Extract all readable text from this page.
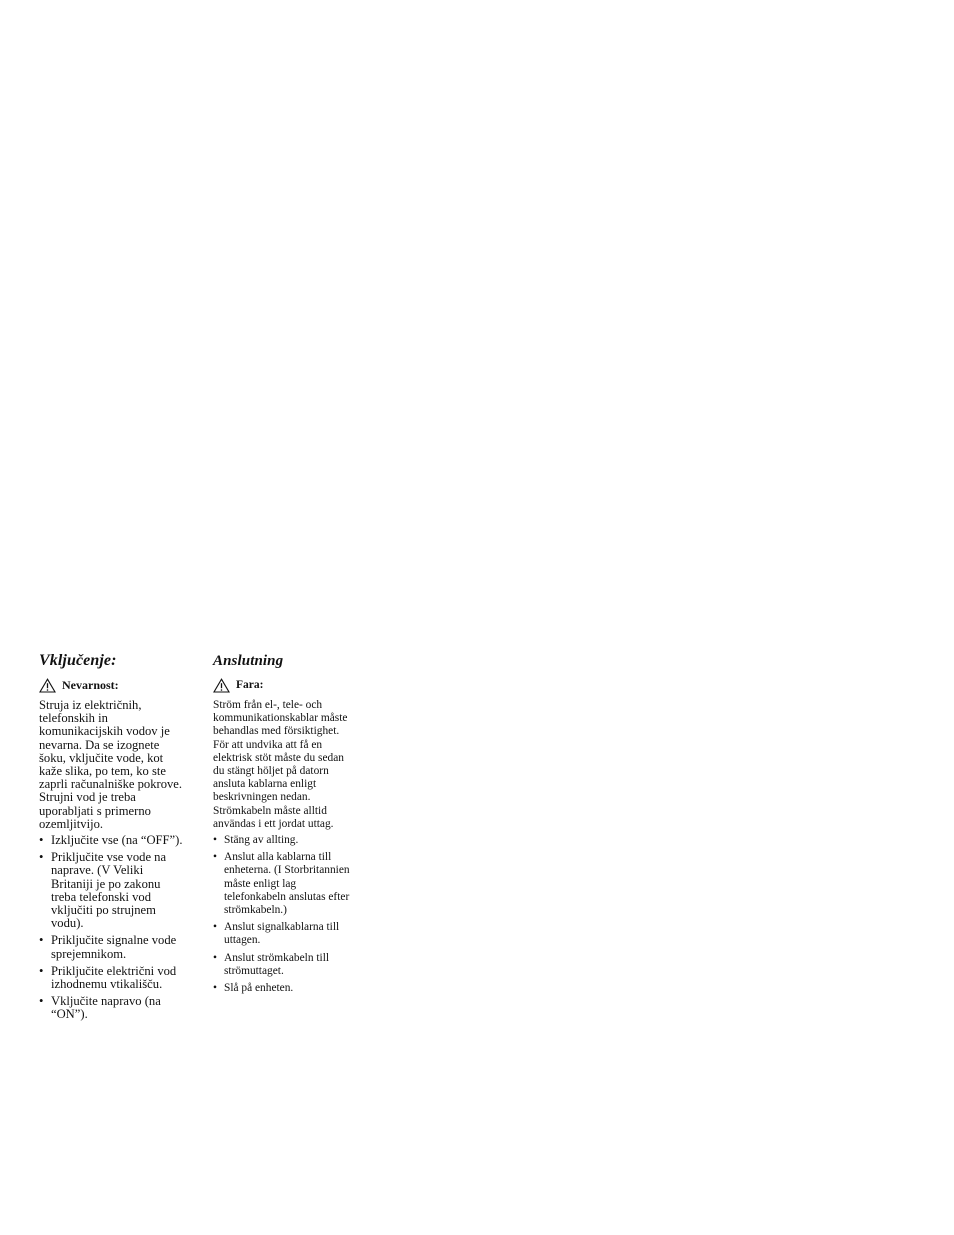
Vključenje:
Nevarnost:

Struja iz električnih,
telefonskih in
komunikacijskih vodov je
nevarna. Da se izognete
šoku, vključite vode, kot
kaže slika, po tem, ko ste
zaprli računalniške pokrove.
Strujni vod je treba
uporabljati s primerno
ozemljitvijo.

• Izključite vse (na “OFF”).
• Priključite vse vode na
naprave. (V Veliki
Britaniji je po zakonu
treba telefonski vod
vključiti po strujnem
vodu).
• Priključite signalne vode
sprejemnikom.
• Priključite električni vod
izhodnemu vtikališču.
• Vključite napravo (na
“ON”).
Anslutning
Fara:

Ström från el-, tele- och
kommunikationskablar måste
behandlas med försiktighet.
För att undvika att få en
elektrisk stöt måste du sedan
du stängt höljet på datorn
ansluta kablarna enligt
beskrivningen nedan.
Strömkabeln måste alltid
användas i ett jordat uttag.

• Stäng av allting.
• Anslut alla kablarna till
enheterna. (I Storbritannien
måste enligt lag
telefonkabeln anslutas efter
strömkabeln.)
• Anslut signalkablarna till
uttagen.
• Anslut strömkabeln till
strömuttaget.
• Slå på enheten.
